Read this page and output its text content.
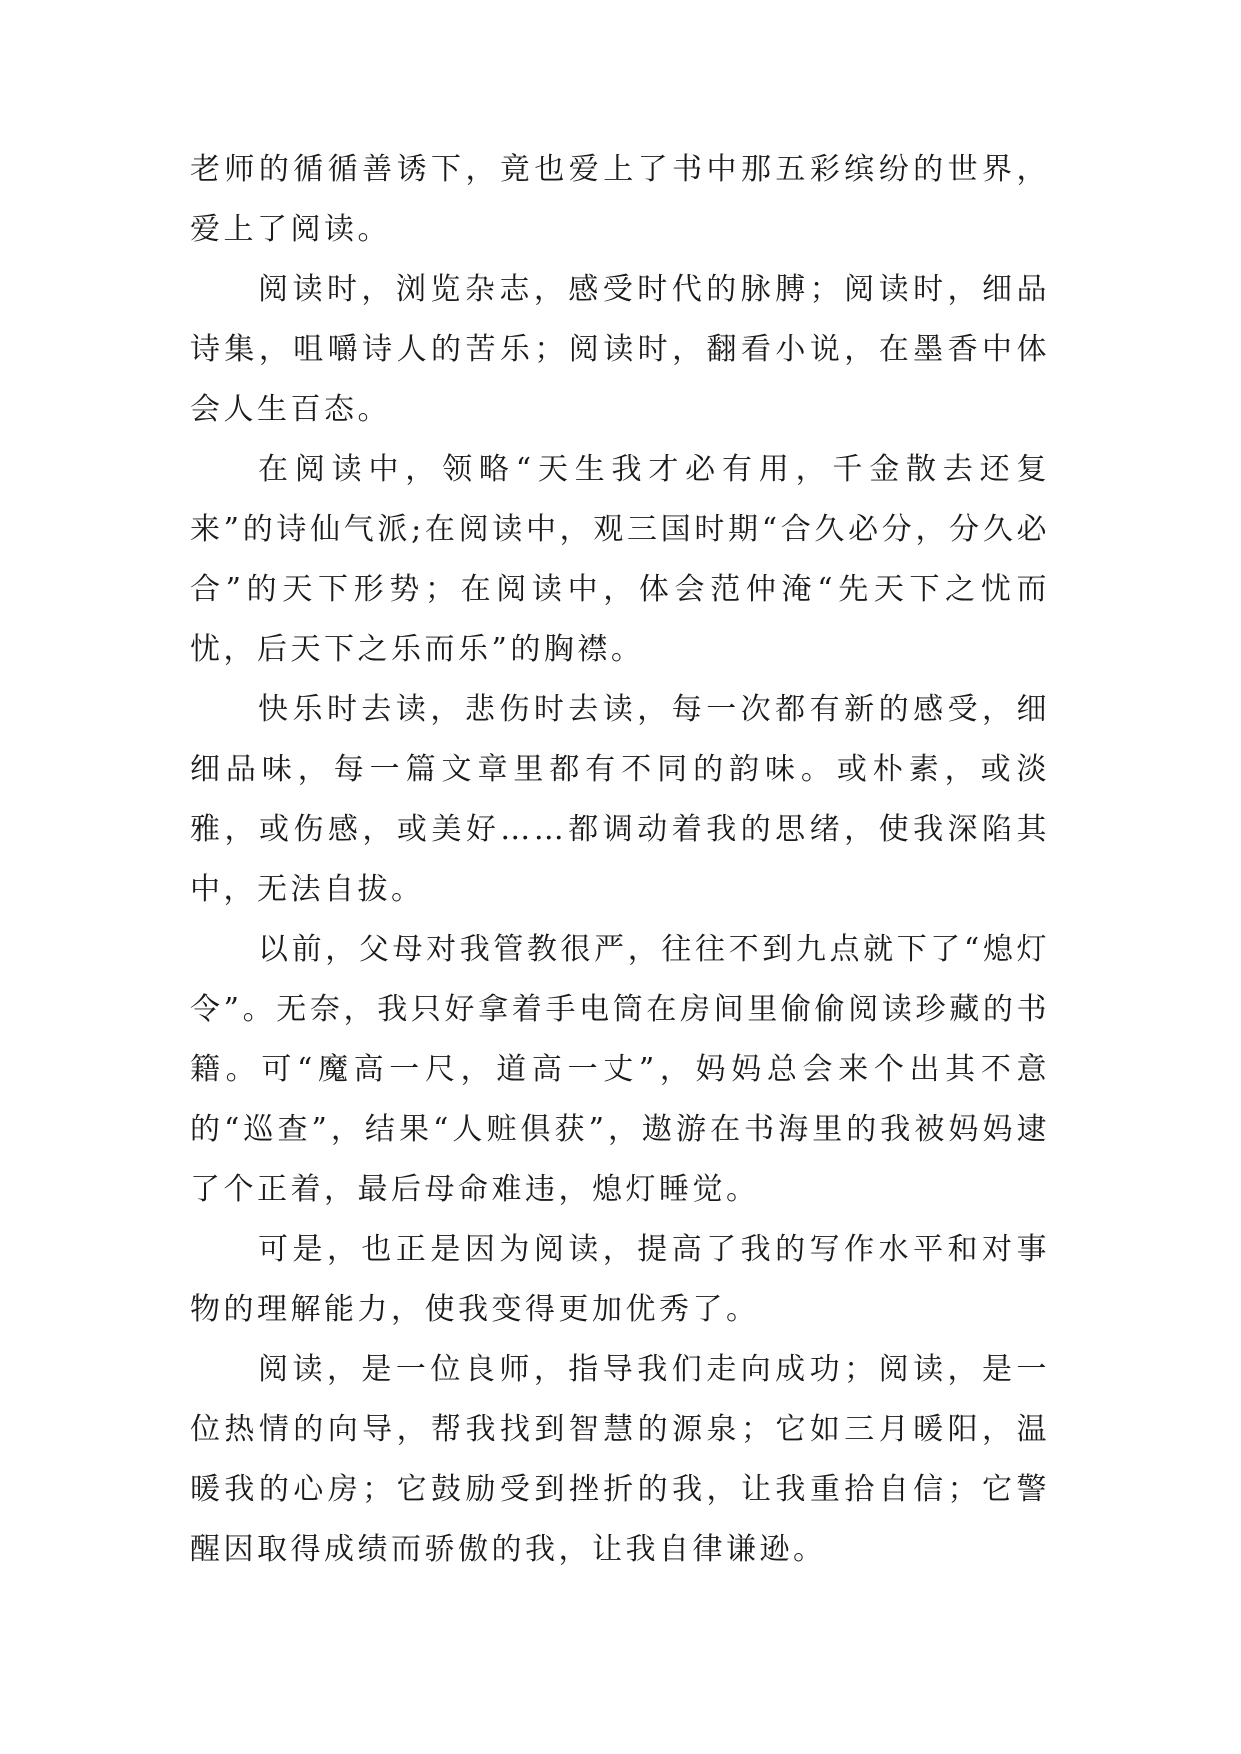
老师的循循善诱下，竟也爱上了书中那五彩缤纷的世界，爱上了阅读。

阅读时，浏览杂志，感受时代的脉膊；阅读时，细品诗集，咀嚼诗人的苦乐；阅读时，翻看小说，在墨香中体会人生百态。

在阅读中，领略“天生我才必有用，千金散去还复来”的诗仙气派;在阅读中，观三国时期“合久必分，分久必合”的天下形势；在阅读中，体会范仲淹“先天下之忧而忧，后天下之乐而乐”的胸襟。

快乐时去读，悲伤时去读，每一次都有新的感受，细细品味，每一篇文章里都有不同的韵味。或朴素，或淡雅，或伤感，或美好……都调动着我的思绪，使我深陷其中，无法自拔。

以前，父母对我管教很严，往往不到九点就下了“熄灯令”。无奈，我只好拿着手电筒在房间里偷偷阅读珍藏的书籍。可“魔高一尺，道高一丈”，妈妈总会来个出其不意的“巡查”，结果“人赃俱获”，遨游在书海里的我被妈妈逮了个正着，最后母命难违，熄灯睡觉。

可是，也正是因为阅读，提高了我的写作水平和对事物的理解能力，使我变得更加优秀了。

阅读，是一位良师，指导我们走向成功；阅读，是一位热情的向导，帮我找到智慧的源泉；它如三月暖阳，温暖我的心房；它鼓励受到挫折的我，让我重拾自信；它警醒因取得成绩而骄傲的我，让我自律谦逊。
